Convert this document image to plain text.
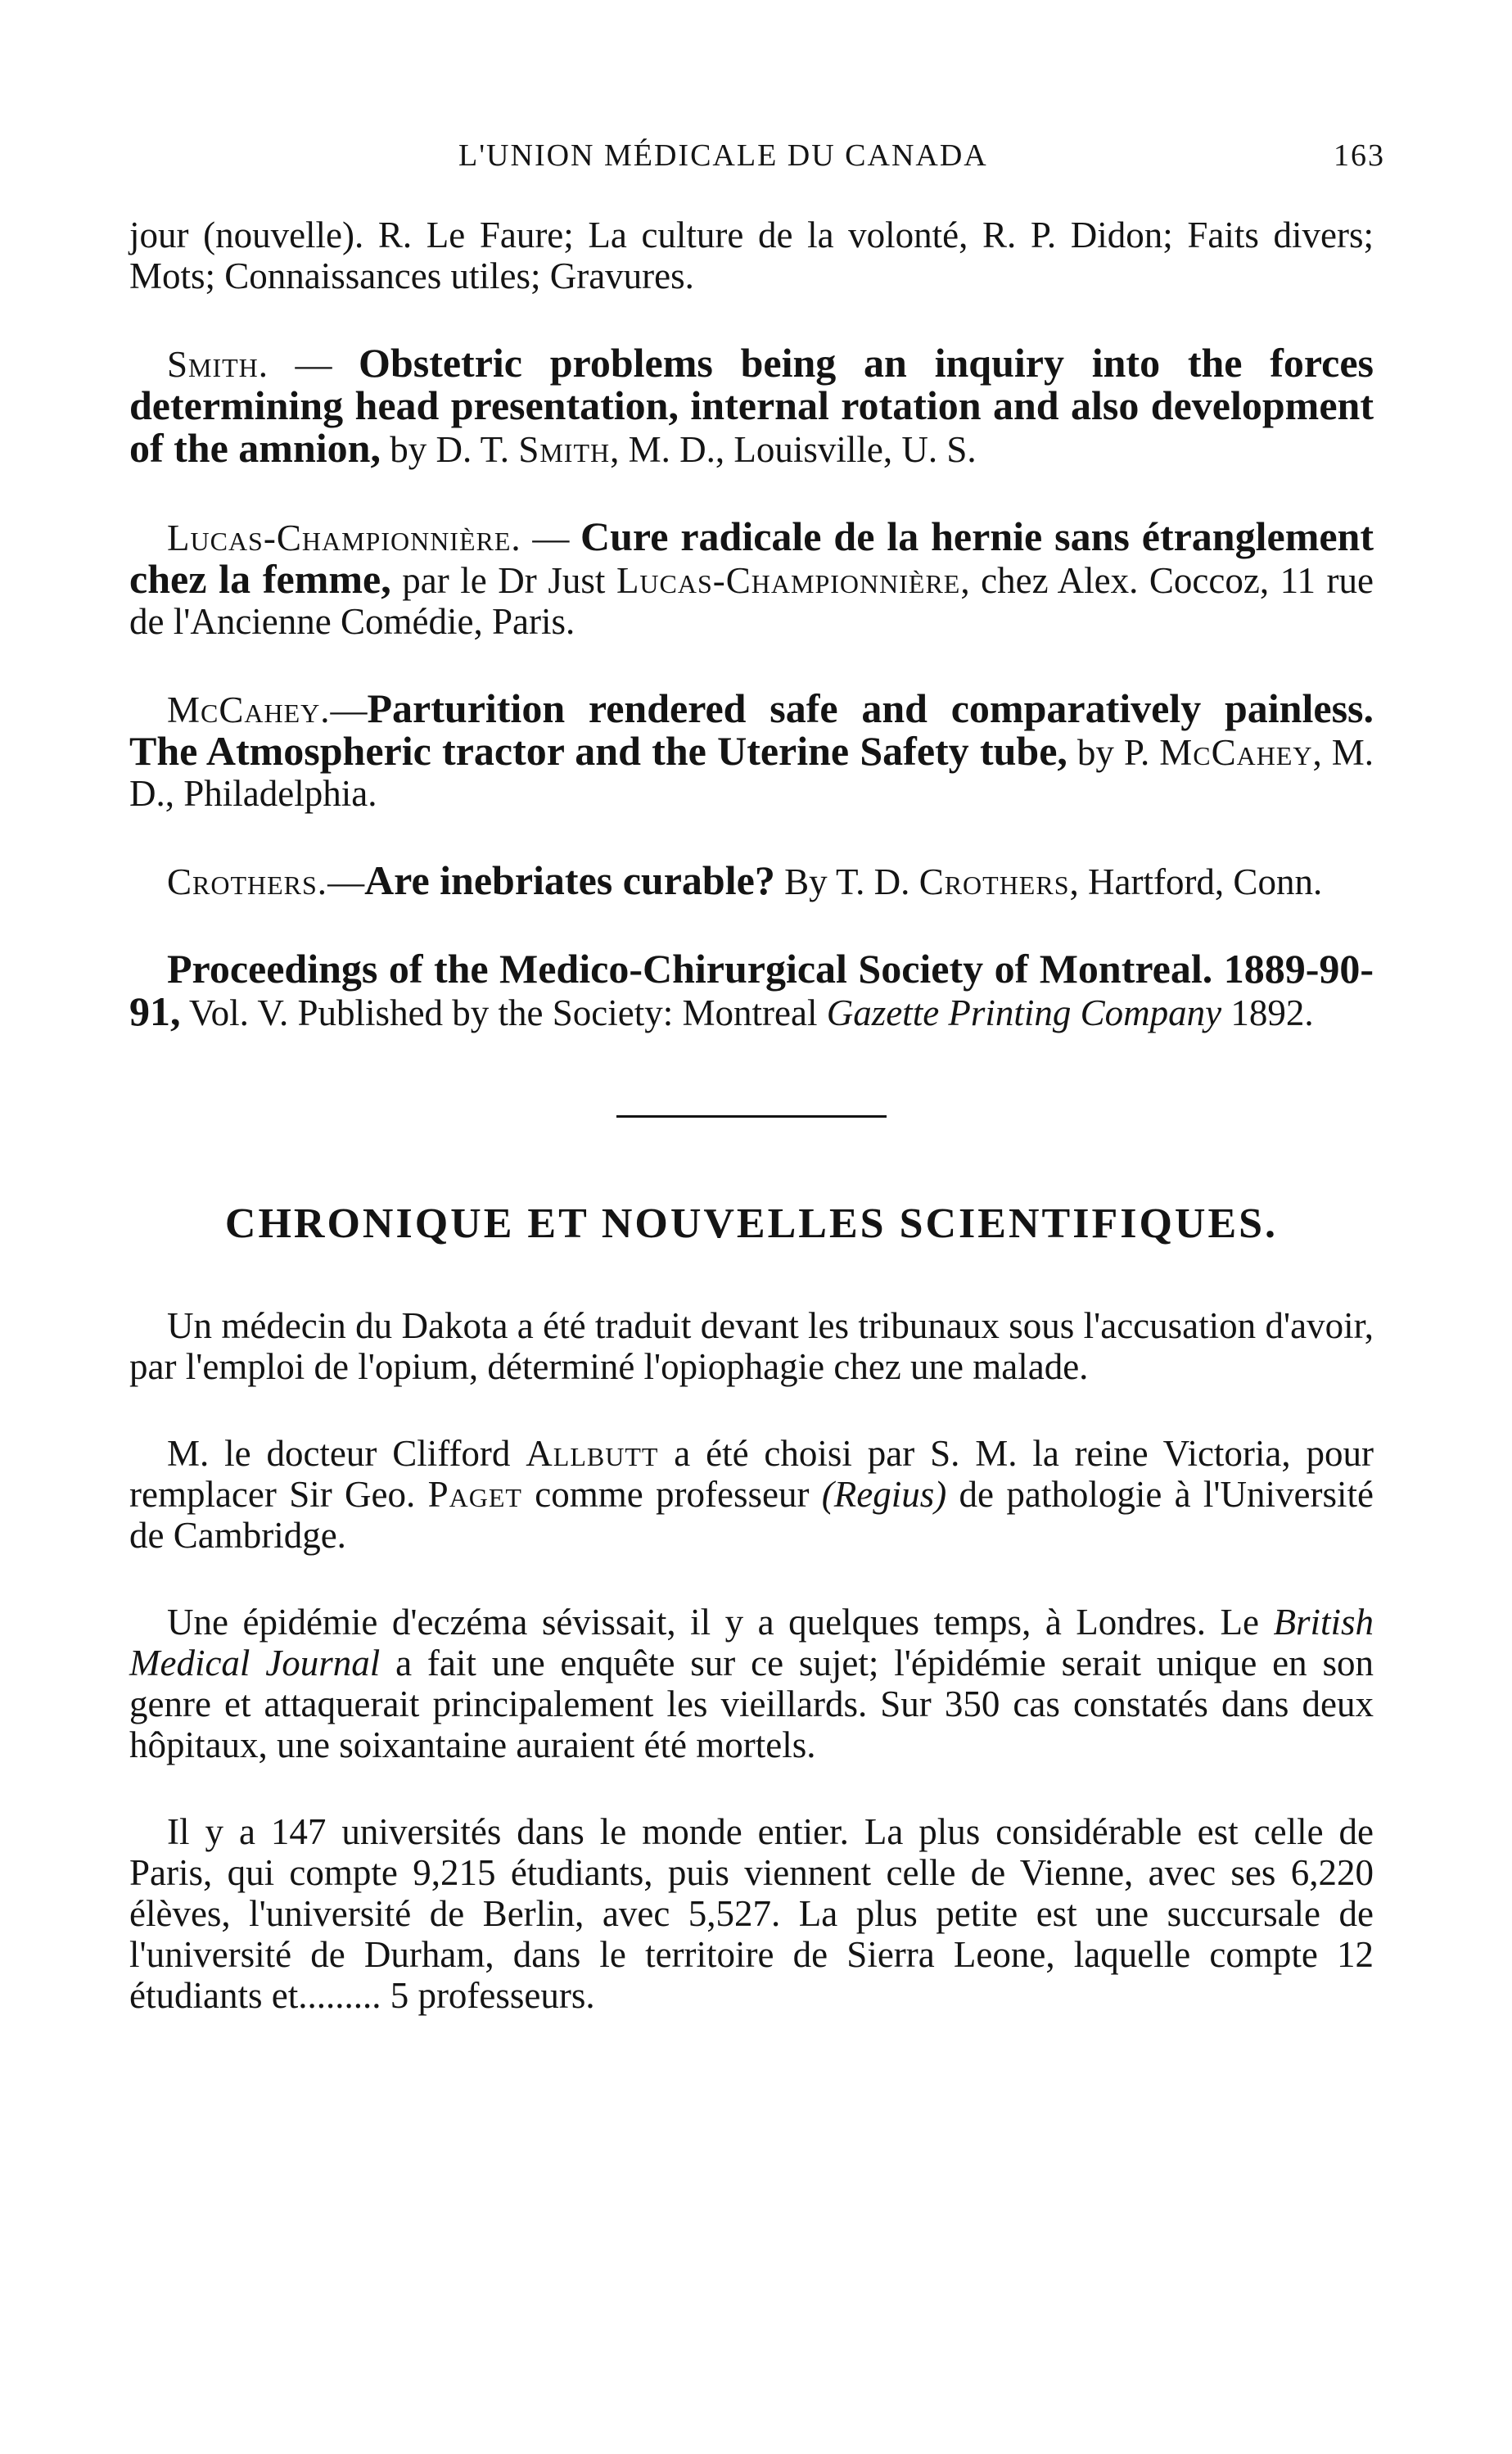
L'UNION MÉDICALE DU CANADA	163

jour (nouvelle). R. Le Faure; La culture de la volonté, R. P. Didon; Faits divers; Mots; Connaissances utiles; Gravures.

Smith. — Obstetric problems being an inquiry into the forces determining head presentation, internal rotation and also development of the amnion, by D. T. Smith, M. D., Louisville, U. S.

Lucas-Championnière. — Cure radicale de la hernie sans étranglement chez la femme, par le Dr Just Lucas-Championnière, chez Alex. Coccoz, 11 rue de l'Ancienne Comédie, Paris.

McCahey.—Parturition rendered safe and comparatively painless. The Atmospheric tractor and the Uterine Safety tube, by P. McCahey, M. D., Philadelphia.

Crothers.—Are inebriates curable? By T. D. Crothers, Hartford, Conn.

Proceedings of the Medico-Chirurgical Society of Montreal. 1889-90-91, Vol. V. Published by the Society: Montreal Gazette Printing Company 1892.

CHRONIQUE ET NOUVELLES SCIENTIFIQUES.

Un médecin du Dakota a été traduit devant les tribunaux sous l'accusation d'avoir, par l'emploi de l'opium, déterminé l'opiophagie chez une malade.

M. le docteur Clifford Allbutt a été choisi par S. M. la reine Victoria, pour remplacer Sir Geo. Paget comme professeur (Regius) de pathologie à l'Université de Cambridge.

Une épidémie d'eczéma sévissait, il y a quelques temps, à Londres. Le British Medical Journal a fait une enquête sur ce sujet; l'épidémie serait unique en son genre et attaquerait principalement les vieillards. Sur 350 cas constatés dans deux hôpitaux, une soixantaine auraient été mortels.

Il y a 147 universités dans le monde entier. La plus considérable est celle de Paris, qui compte 9,215 étudiants, puis viennent celle de Vienne, avec ses 6,220 élèves, l'université de Berlin, avec 5,527. La plus petite est une succursale de l'université de Durham, dans le territoire de Sierra Leone, laquelle compte 12 étudiants et......... 5 professeurs.
